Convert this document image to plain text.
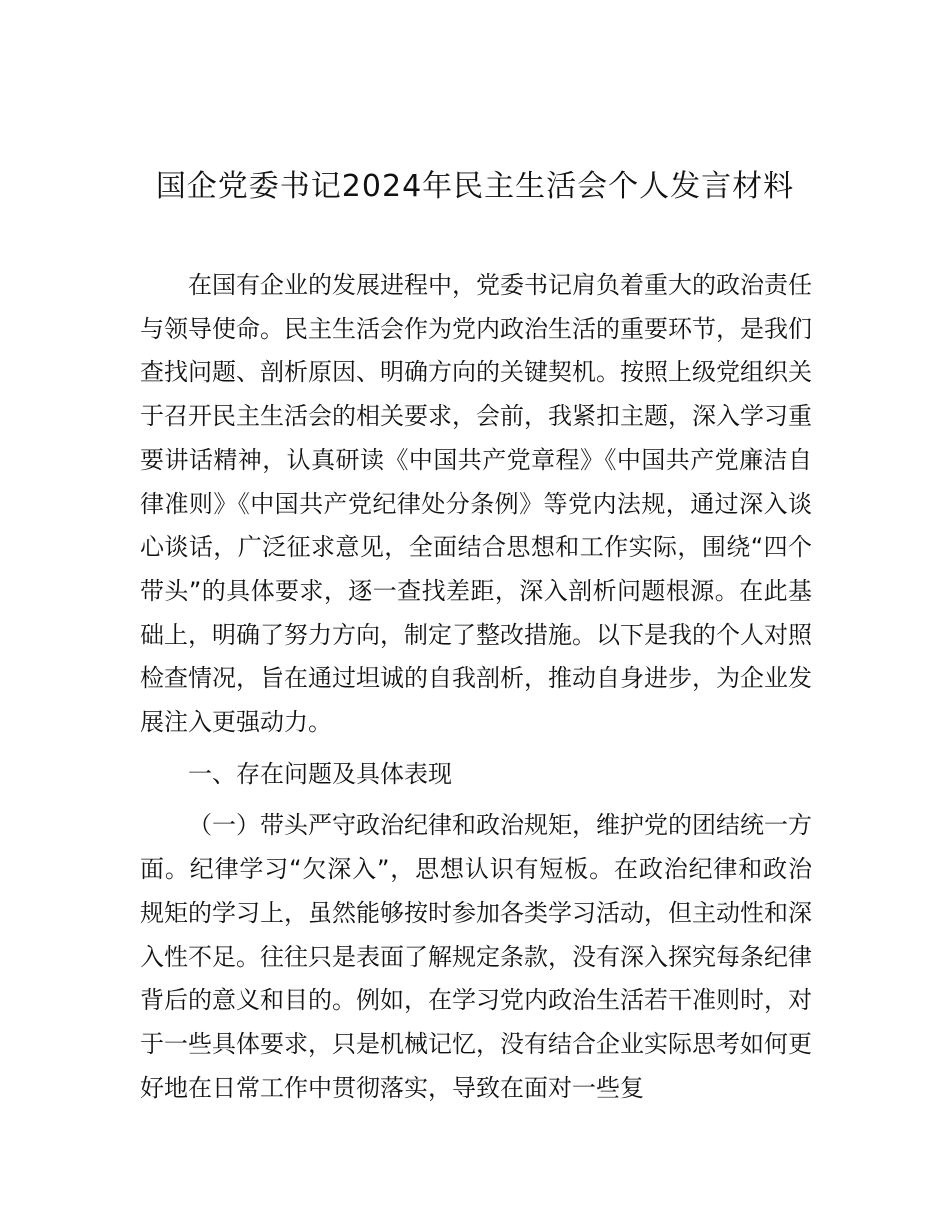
国企党委书记2024年民主生活会个人发言材料

在国有企业的发展进程中，党委书记肩负着重大的政治责任与领导使命。民主生活会作为党内政治生活的重要环节，是我们查找问题、剖析原因、明确方向的关键契机。按照上级党组织关于召开民主生活会的相关要求，会前，我紧扣主题，深入学习重要讲话精神，认真研读《中国共产党章程》《中国共产党廉洁自律准则》《中国共产党纪律处分条例》等党内法规，通过深入谈心谈话，广泛征求意见，全面结合思想和工作实际，围绕“四个带头”的具体要求，逐一查找差距，深入剖析问题根源。在此基础上，明确了努力方向，制定了整改措施。以下是我的个人对照检查情况，旨在通过坦诚的自我剖析，推动自身进步，为企业发展注入更强动力。

一、存在问题及具体表现

（一）带头严守政治纪律和政治规矩，维护党的团结统一方面。纪律学习“欠深入”，思想认识有短板。在政治纪律和政治规矩的学习上，虽然能够按时参加各类学习活动，但主动性和深入性不足。往往只是表面了解规定条款，没有深入探究每条纪律背后的意义和目的。例如，在学习党内政治生活若干准则时，对于一些具体要求，只是机械记忆，没有结合企业实际思考如何更好地在日常工作中贯彻落实，导致在面对一些复
